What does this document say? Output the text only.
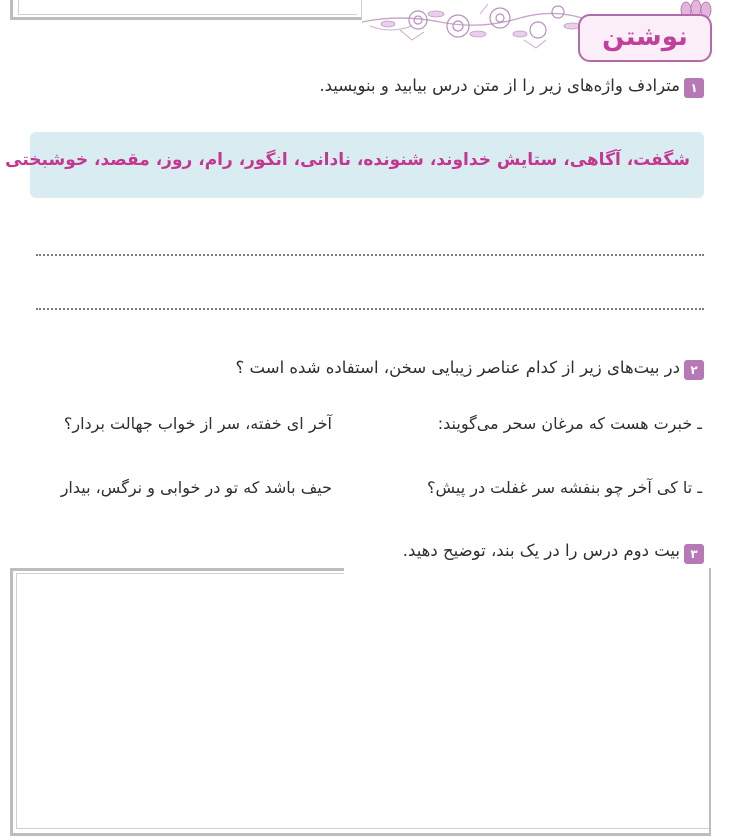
نوشتن
۱
مترادف واژه‌های زیر را از متن درس بیابید و بنویسید.
شگفت، آگاهی، ستایش خداوند، شنونده، نادانی، انگور، رام، روز، مقصد، خوشبختی
۲
در بیت‌های زیر از کدام عناصر زیبایی سخن، استفاده شده است ؟
ـ خبرت هست که مرغان سحر می‌گویند:
آخر ای خفته، سر از خواب جهالت بردار؟
ـ تا کی آخر چو بنفشه سر غفلت در پیش؟
حیف باشد که تو در خوابی و نرگس، بیدار
۳
بیت دوم درس را در یک بند، توضیح دهید.
